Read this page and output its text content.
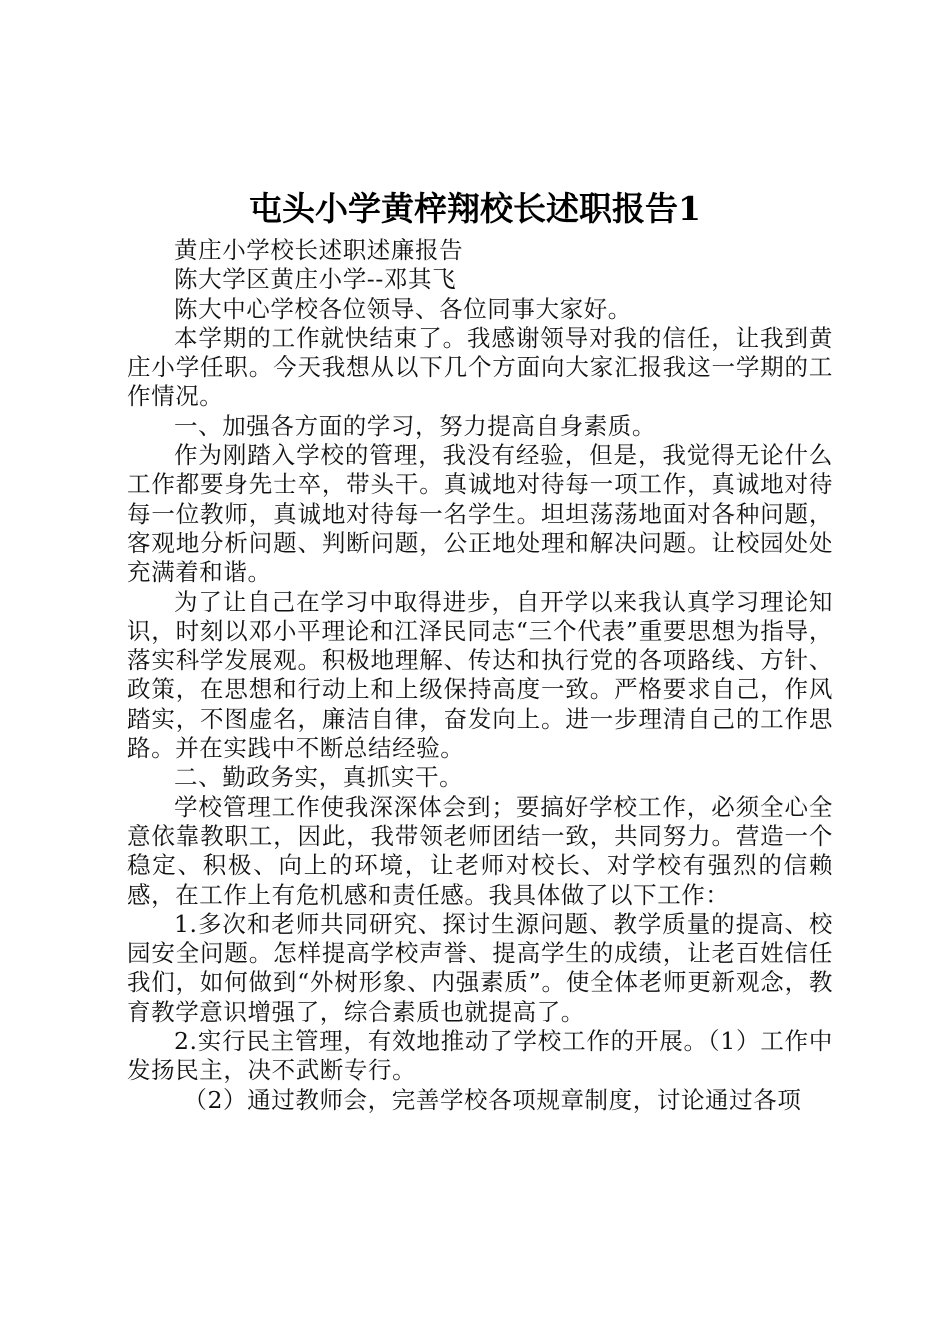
屯头小学黄梓翔校长述职报告1

黄庄小学校长述职述廉报告

陈大学区黄庄小学--邓其飞

陈大中心学校各位领导、各位同事大家好。

本学期的工作就快结束了。我感谢领导对我的信任，让我到黄庄小学任职。今天我想从以下几个方面向大家汇报我这一学期的工作情况。

一、加强各方面的学习，努力提高自身素质。

作为刚踏入学校的管理，我没有经验，但是，我觉得无论什么工作都要身先士卒，带头干。真诚地对待每一项工作，真诚地对待每一位教师，真诚地对待每一名学生。坦坦荡荡地面对各种问题，客观地分析问题、判断问题，公正地处理和解决问题。让校园处处充满着和谐。

为了让自己在学习中取得进步，自开学以来我认真学习理论知识，时刻以邓小平理论和江泽民同志“三个代表”重要思想为指导，落实科学发展观。积极地理解、传达和执行党的各项路线、方针、政策，在思想和行动上和上级保持高度一致。严格要求自己，作风踏实，不图虚名，廉洁自律，奋发向上。进一步理清自己的工作思路。并在实践中不断总结经验。

二、勤政务实，真抓实干。

学校管理工作使我深深体会到；要搞好学校工作，必须全心全意依靠教职工，因此，我带领老师团结一致，共同努力。营造一个稳定、积极、向上的环境，让老师对校长、对学校有强烈的信赖感，在工作上有危机感和责任感。我具体做了以下工作：

1.多次和老师共同研究、探讨生源问题、教学质量的提高、校园安全问题。怎样提高学校声誉、提高学生的成绩，让老百姓信任我们，如何做到“外树形象、内强素质”。使全体老师更新观念，教育教学意识增强了，综合素质也就提高了。

2.实行民主管理，有效地推动了学校工作的开展。（1）工作中发扬民主，决不武断专行。

（2）通过教师会，完善学校各项规章制度，讨论通过各项
